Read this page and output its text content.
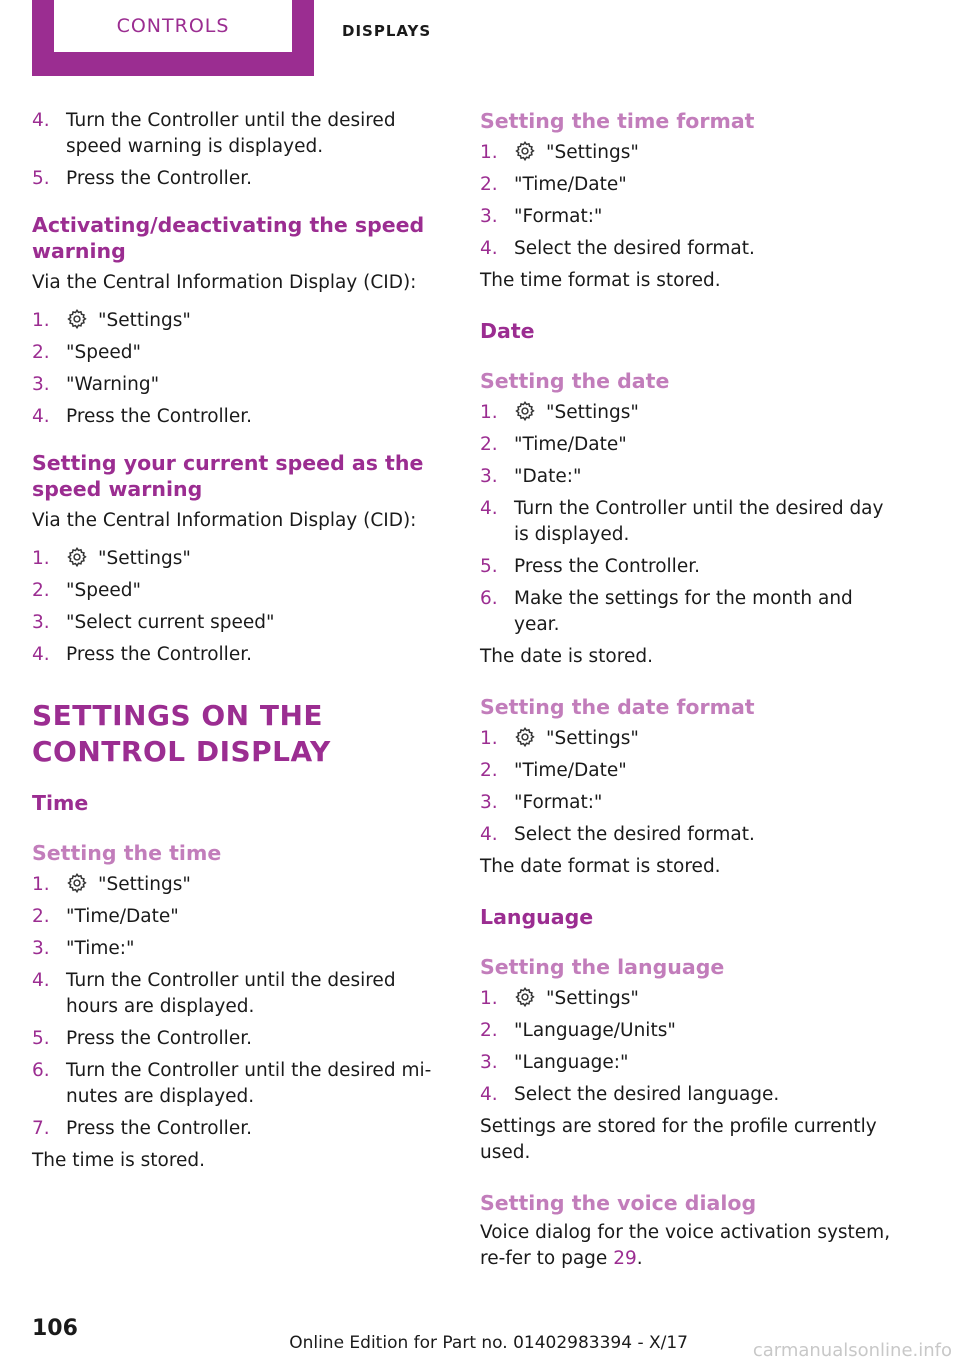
CONTROLS	DISPLAYS
4. Turn the Controller until the desired speed warning is displayed.
5. Press the Controller.
Activating/deactivating the speed warning
Via the Central Information Display (CID):
1.	"Settings"
2. "Speed"
3. "Warning"
4. Press the Controller.
Setting your current speed as the speed warning
Via the Central Information Display (CID):
1.	"Settings"
2. "Speed"
3. "Select current speed"
4. Press the Controller.
SETTINGS ON THE CONTROL DISPLAY
Time
Setting the time
1.	"Settings"
2. "Time/Date"
3. "Time:"
4. Turn the Controller until the desired hours are displayed.
5. Press the Controller.
6. Turn the Controller until the desired mi‐nutes are displayed.
7. Press the Controller.
The time is stored.
Setting the time format
1.	"Settings"
2. "Time/Date"
3. "Format:"
4. Select the desired format.
The time format is stored.
Date
Setting the date
1.	"Settings"
2. "Time/Date"
3. "Date:"
4. Turn the Controller until the desired day is displayed.
5. Press the Controller.
6. Make the settings for the month and year.
The date is stored.
Setting the date format
1.	"Settings"
2. "Time/Date"
3. "Format:"
4. Select the desired format.
The date format is stored.
Language
Setting the language
1.	"Settings"
2. "Language/Units"
3. "Language:"
4. Select the desired language.
Settings are stored for the profile currently used.
Setting the voice dialog
Voice dialog for the voice activation system, re‐fer to page 29.
106
Online Edition for Part no. 01402983394 - X/17	carmanualsonline.info
